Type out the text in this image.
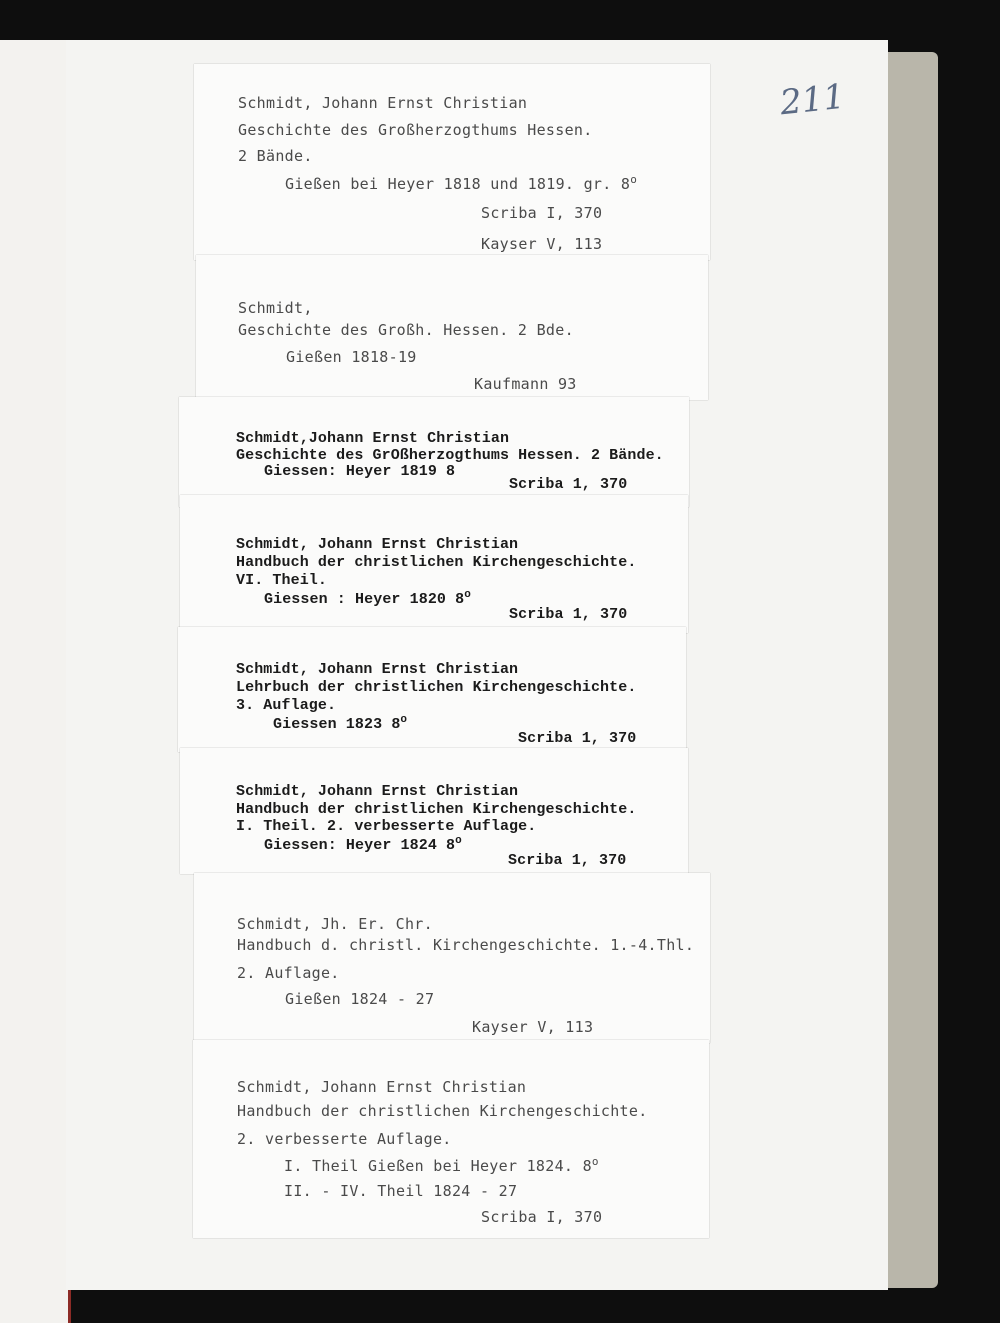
211
Schmidt, Johann Ernst Christian
Geschichte des Großherzogthums Hessen.
2 Bände.
Gießen bei Heyer 1818 und 1819. gr. 8$^o$
Scriba I, 370
Kayser V, 113
Schmidt,
Geschichte des Großh. Hessen. 2 Bde.
Gießen 1818-19
Kaufmann 93
Schmidt,Johann Ernst Christian
Geschichte des GrOßherzogthums Hessen. 2 Bände.
Giessen: Heyer 1819 8
Scriba 1, 370
Schmidt, Johann Ernst Christian
Handbuch der christlichen Kirchengeschichte.
VI. Theil.
Giessen : Heyer 1820 8$^o$
Scriba 1, 370
Schmidt, Johann Ernst Christian
Lehrbuch der christlichen Kirchengeschichte.
3. Auflage.
Giessen 1823 8$^o$
Scriba 1, 370
Schmidt, Johann Ernst Christian
Handbuch der christlichen Kirchengeschichte.
I. Theil. 2. verbesserte Auflage.
Giessen: Heyer 1824 8$^o$
Scriba 1, 370
Schmidt, Jh. Er. Chr.
Handbuch d. christl. Kirchengeschichte. 1.-4.Thl.
2. Auflage.
Gießen 1824 - 27
Kayser V, 113
Schmidt, Johann Ernst Christian
Handbuch der christlichen Kirchengeschichte.
2. verbesserte Auflage.
I. Theil Gießen bei Heyer 1824. 8$^o$
II. - IV. Theil 1824 - 27
Scriba I, 370
